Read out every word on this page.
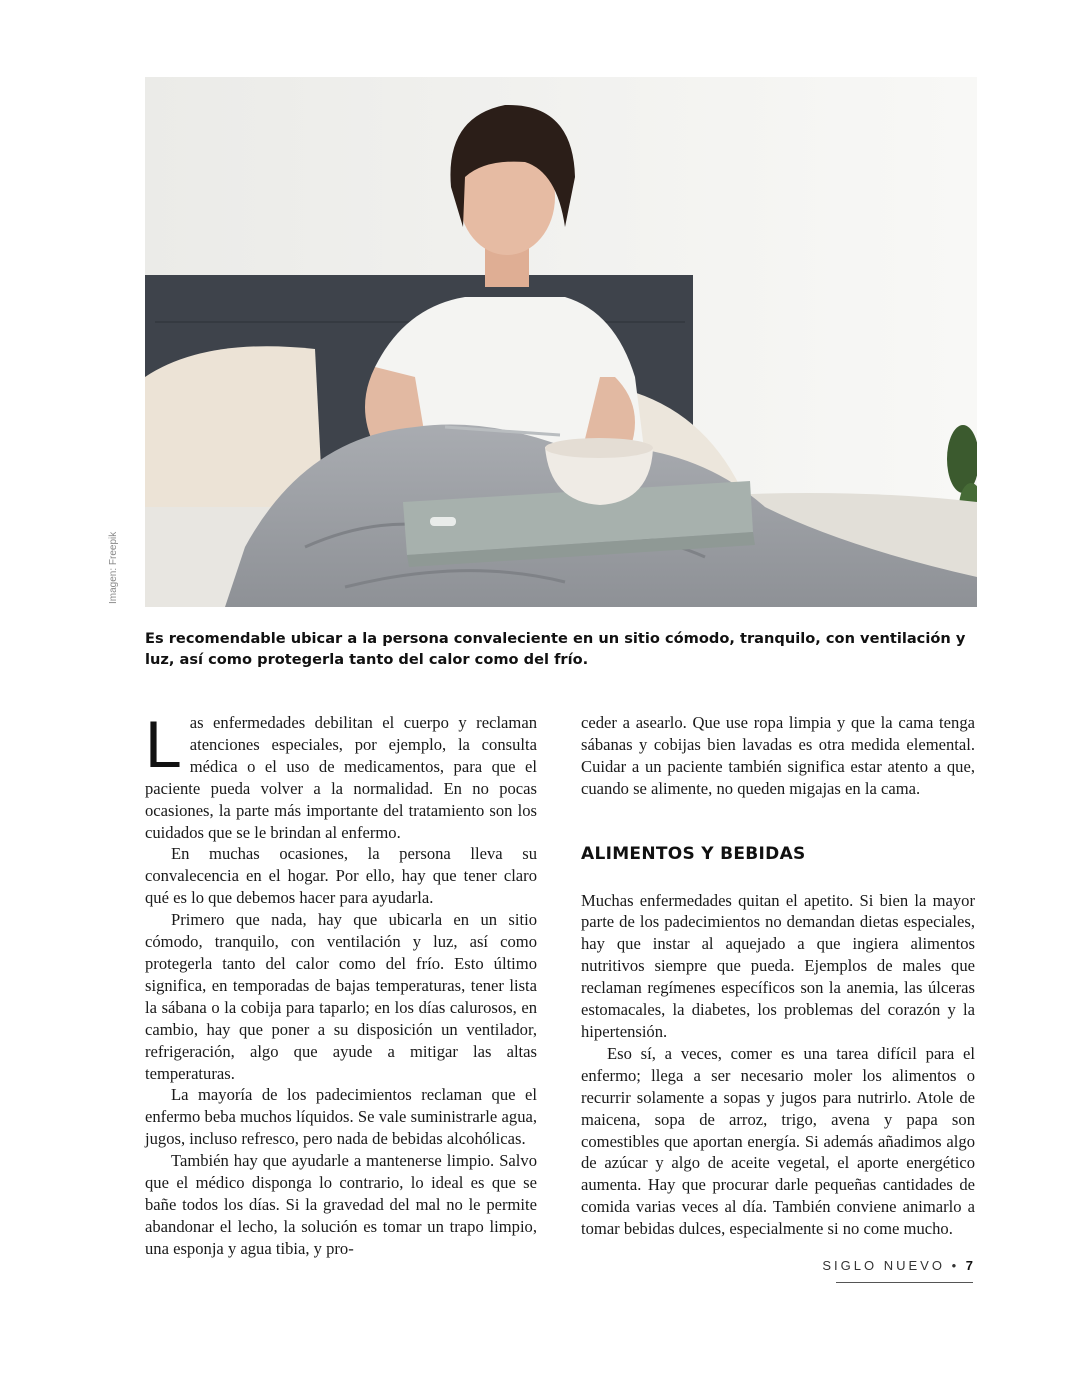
Imagen: Freepik
Es recomendable ubicar a la persona convaleciente en un sitio cómodo, tranquilo, con ventilación y luz, así como protegerla tanto del calor como del frío.

Las enfermedades debilitan el cuerpo y reclaman atenciones especiales, por ejemplo, la consulta médica o el uso de medicamentos, para que el paciente pueda volver a la normalidad. En no pocas ocasiones, la parte más importante del tratamiento son los cuidados que se le brindan al enfermo.

En muchas ocasiones, la persona lleva su convalecencia en el hogar. Por ello, hay que tener claro qué es lo que debemos hacer para ayudarla.

Primero que nada, hay que ubicarla en un sitio cómodo, tranquilo, con ventilación y luz, así como protegerla tanto del calor como del frío. Esto último significa, en temporadas de bajas temperaturas, tener lista la sábana o la cobija para taparlo; en los días calurosos, en cambio, hay que poner a su disposición un ventilador, refrigeración, algo que ayude a mitigar las altas temperaturas.

La mayoría de los padecimientos reclaman que el enfermo beba muchos líquidos. Se vale suministrarle agua, jugos, incluso refresco, pero nada de bebidas alcohólicas.

También hay que ayudarle a mantenerse limpio. Salvo que el médico disponga lo contrario, lo ideal es que se bañe todos los días. Si la gravedad del mal no le permite abandonar el lecho, la solución es tomar un trapo limpio, una esponja y agua tibia, y pro-

ceder a asearlo. Que use ropa limpia y que la cama tenga sábanas y cobijas bien lavadas es otra medida elemental. Cuidar a un paciente también significa estar atento a que, cuando se alimente, no queden migajas en la cama.

ALIMENTOS Y BEBIDAS

Muchas enfermedades quitan el apetito. Si bien la mayor parte de los padecimientos no demandan dietas especiales, hay que instar al aquejado a que ingiera alimentos nutritivos siempre que pueda. Ejemplos de males que reclaman regímenes específicos son la anemia, las úlceras estomacales, la diabetes, los problemas del corazón y la hipertensión.

Eso sí, a veces, comer es una tarea difícil para el enfermo; llega a ser necesario moler los alimentos o recurrir solamente a sopas y jugos para nutrirlo. Atole de maicena, sopa de arroz, trigo, avena y papa son comestibles que aportan energía. Si además añadimos algo de azúcar y algo de aceite vegetal, el aporte energético aumenta. Hay que procurar darle pequeñas cantidades de comida varias veces al día. También conviene animarlo a tomar bebidas dulces, especialmente si no come mucho.

SIGLO NUEVO • 7
